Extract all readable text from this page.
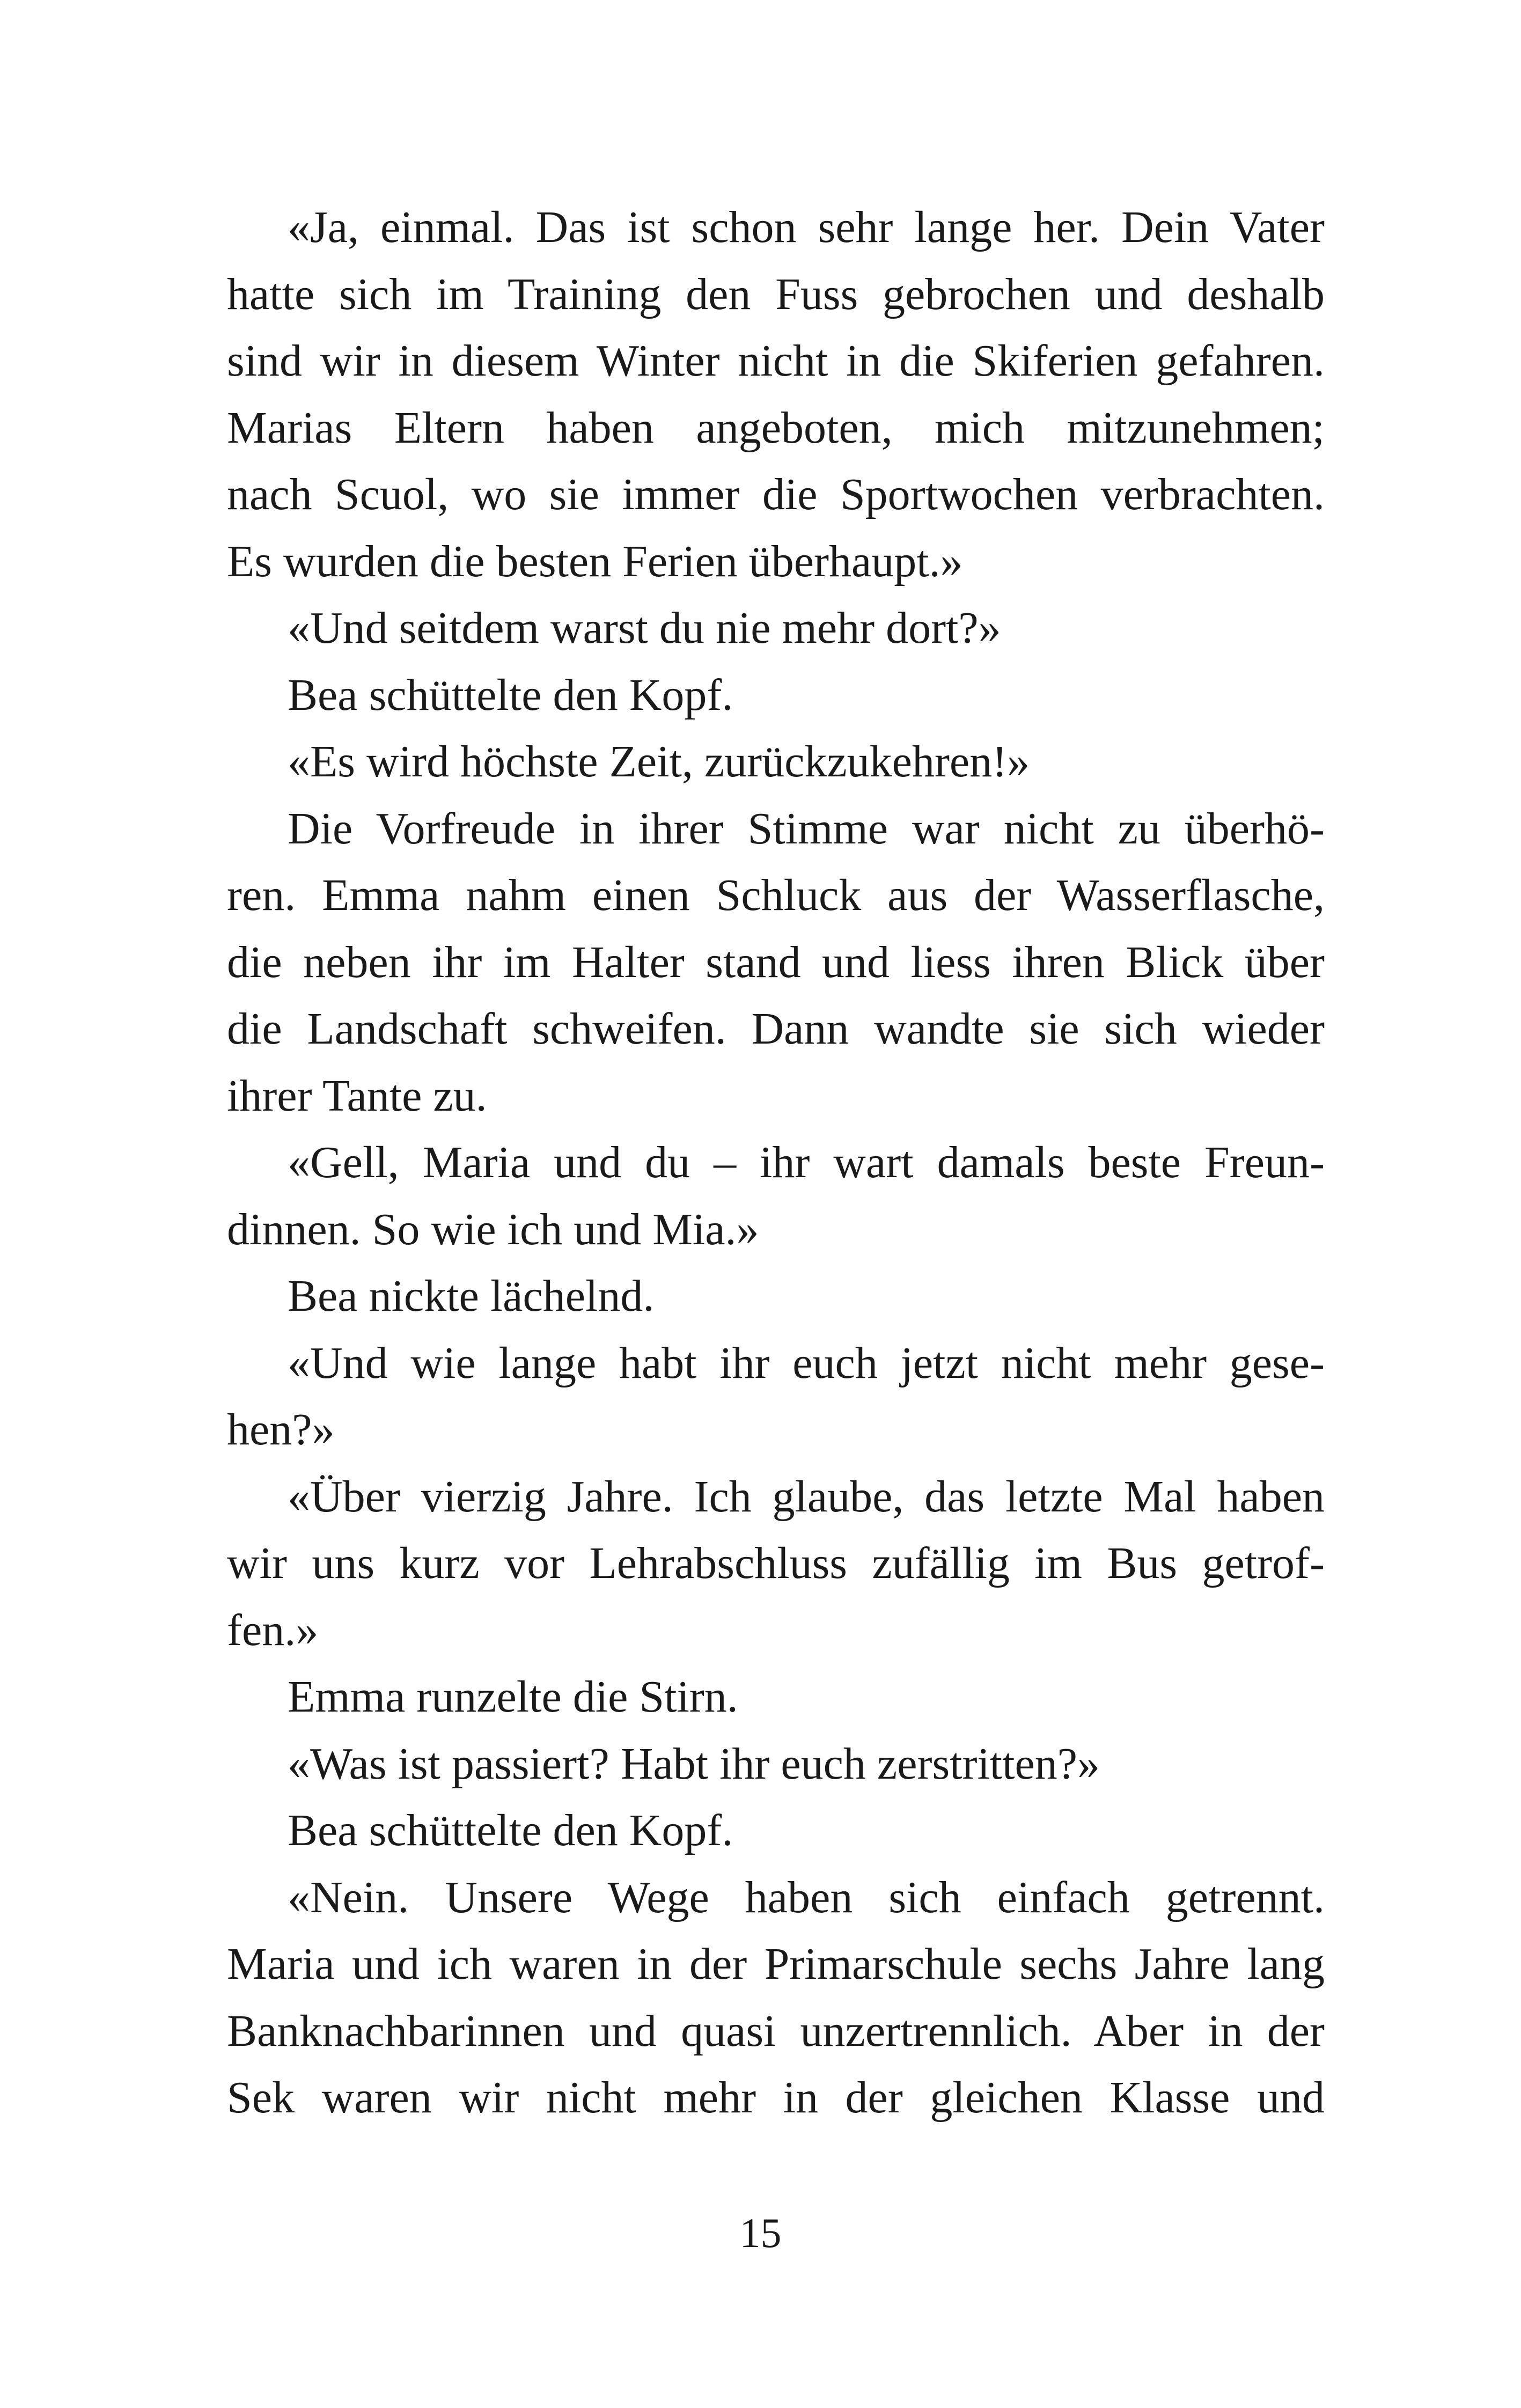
«Ja, einmal. Das ist schon sehr lange her. Dein Vater
hatte sich im Training den Fuss gebrochen und deshalb
sind wir in diesem Winter nicht in die Skiferien gefahren.
Marias Eltern haben angeboten, mich mitzunehmen;
nach Scuol, wo sie immer die Sportwochen verbrachten.
Es wurden die besten Ferien überhaupt.»
«Und seitdem warst du nie mehr dort?»
Bea schüttelte den Kopf.
«Es wird höchste Zeit, zurückzukehren!»
Die Vorfreude in ihrer Stimme war nicht zu überhö-
ren. Emma nahm einen Schluck aus der Wasserflasche,
die neben ihr im Halter stand und liess ihren Blick über
die Landschaft schweifen. Dann wandte sie sich wieder
ihrer Tante zu.
«Gell, Maria und du – ihr wart damals beste Freun-
dinnen. So wie ich und Mia.»
Bea nickte lächelnd.
«Und wie lange habt ihr euch jetzt nicht mehr gese-
hen?»
«Über vierzig Jahre. Ich glaube, das letzte Mal haben
wir uns kurz vor Lehrabschluss zufällig im Bus getrof-
fen.»
Emma runzelte die Stirn.
«Was ist passiert? Habt ihr euch zerstritten?»
Bea schüttelte den Kopf.
«Nein. Unsere Wege haben sich einfach getrennt.
Maria und ich waren in der Primarschule sechs Jahre lang
Banknachbarinnen und quasi unzertrennlich. Aber in der
Sek waren wir nicht mehr in der gleichen Klasse und
15
